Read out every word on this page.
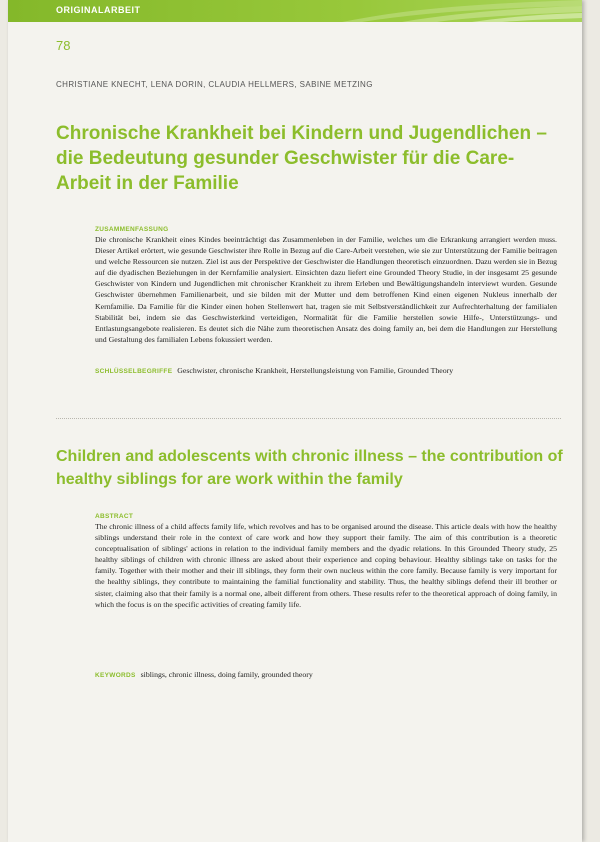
ORIGINALARBEIT
78
CHRISTIANE KNECHT, LENA DORIN, CLAUDIA HELLMERS, SABINE METZING
Chronische Krankheit bei Kindern und Jugendlichen – die Bedeutung gesunder Geschwister für die Care-Arbeit in der Familie
ZUSAMMENFASSUNG

Die chronische Krankheit eines Kindes beeinträchtigt das Zusammenleben in der Familie, welches um die Erkrankung arrangiert werden muss. Dieser Artikel erörtert, wie gesunde Geschwister ihre Rolle in Bezug auf die Care-Arbeit verstehen, wie sie zur Unterstützung der Familie beitragen und welche Ressourcen sie nutzen. Ziel ist aus der Perspektive der Geschwister die Handlungen theoretisch einzuordnen. Dazu werden sie in Bezug auf die dyadischen Beziehungen in der Kernfamilie analysiert. Einsichten dazu liefert eine Grounded Theory Studie, in der insgesamt 25 gesunde Geschwister von Kindern und Jugendlichen mit chronischer Krankheit zu ihrem Erleben und Bewältigungshandeln interviewt wurden. Gesunde Geschwister übernehmen Familienarbeit, und sie bilden mit der Mutter und dem betroffenen Kind einen eigenen Nukleus innerhalb der Kernfamilie. Da Familie für die Kinder einen hohen Stellenwert hat, tragen sie mit Selbstverständlichkeit zur Aufrechterhaltung der familialen Stabilität bei, indem sie das Geschwisterkind verteidigen, Normalität für die Familie herstellen sowie Hilfe-, Unterstützungs- und Entlastungsangebote realisieren. Es deutet sich die Nähe zum theoretischen Ansatz des doing family an, bei dem die Handlungen zur Herstellung und Gestaltung des familialen Lebens fokussiert werden.

SCHLÜSSELBEGRIFFE Geschwister, chronische Krankheit, Herstellungsleistung von Familie, Grounded Theory
Children and adolescents with chronic illness – the contribution of healthy siblings for are work within the family
ABSTRACT

The chronic illness of a child affects family life, which revolves and has to be organised around the disease. This article deals with how the healthy siblings understand their role in the context of care work and how they support their family. The aim of this contribution is a theoretic conceptualisation of siblings' actions in relation to the individual family members and the dyadic relations. In this Grounded Theory study, 25 healthy siblings of children with chronic illness are asked about their experience and coping behaviour. Healthy siblings take on tasks for the family. Together with their mother and their ill siblings, they form their own nucleus within the core family. Because family is very important for the healthy siblings, they contribute to maintaining the familial functionality and stability. Thus, the healthy siblings defend their ill brother or sister, claiming also that their family is a normal one, albeit different from others. These results refer to the theoretical approach of doing family, in which the focus is on the specific activities of creating family life.

KEYWORDS siblings, chronic illness, doing family, grounded theory
